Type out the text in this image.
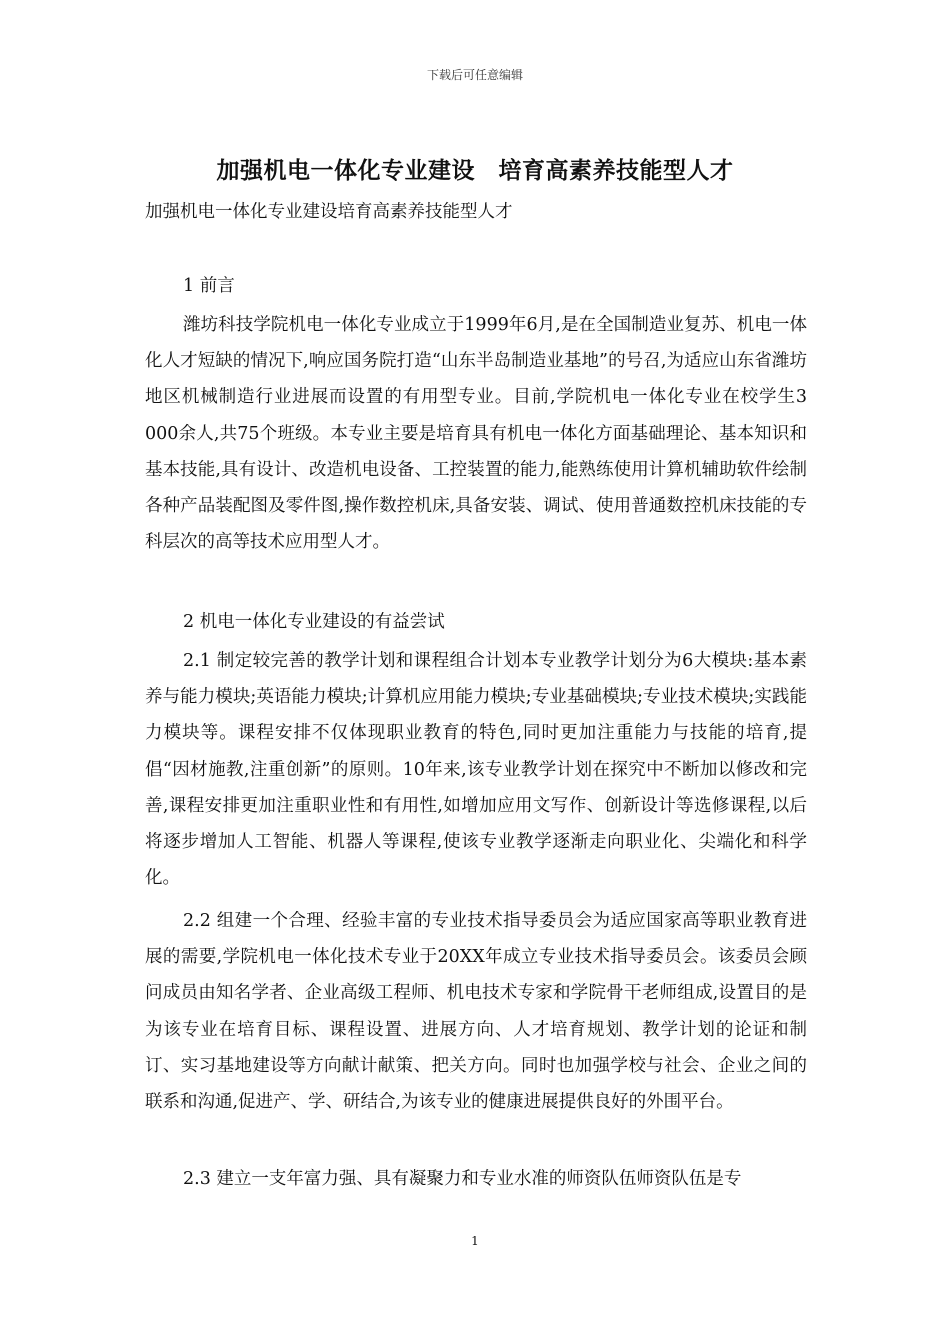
下载后可任意编辑
加强机电一体化专业建设　培育高素养技能型人才
加强机电一体化专业建设培育高素养技能型人才
1 前言

潍坊科技学院机电一体化专业成立于1999年6月,是在全国制造业复苏、机电一体化人才短缺的情况下,响应国务院打造“山东半岛制造业基地”的号召,为适应山东省潍坊地区机械制造行业进展而设置的有用型专业。目前,学院机电一体化专业在校学生3 000余人,共75个班级。本专业主要是培育具有机电一体化方面基础理论、基本知识和基本技能,具有设计、改造机电设备、工控装置的能力,能熟练使用计算机辅助软件绘制各种产品装配图及零件图,操作数控机床,具备安装、调试、使用普通数控机床技能的专科层次的高等技术应用型人才。

2 机电一体化专业建设的有益尝试

2.1 制定较完善的教学计划和课程组合计划本专业教学计划分为6大模块:基本素养与能力模块;英语能力模块;计算机应用能力模块;专业基础模块;专业技术模块;实践能力模块等。课程安排不仅体现职业教育的特色,同时更加注重能力与技能的培育,提倡“因材施教,注重创新”的原则。10年来,该专业教学计划在探究中不断加以修改和完善,课程安排更加注重职业性和有用性,如增加应用文写作、创新设计等选修课程,以后将逐步增加人工智能、机器人等课程,使该专业教学逐渐走向职业化、尖端化和科学化。

2.2 组建一个合理、经验丰富的专业技术指导委员会为适应国家高等职业教育进展的需要,学院机电一体化技术专业于20XX年成立专业技术指导委员会。该委员会顾问成员由知名学者、企业高级工程师、机电技术专家和学院骨干老师组成,设置目的是为该专业在培育目标、课程设置、进展方向、人才培育规划、教学计划的论证和制订、实习基地建设等方向献计献策、把关方向。同时也加强学校与社会、企业之间的联系和沟通,促进产、学、研结合,为该专业的健康进展提供良好的外围平台。

2.3 建立一支年富力强、具有凝聚力和专业水准的师资队伍师资队伍是专

1
